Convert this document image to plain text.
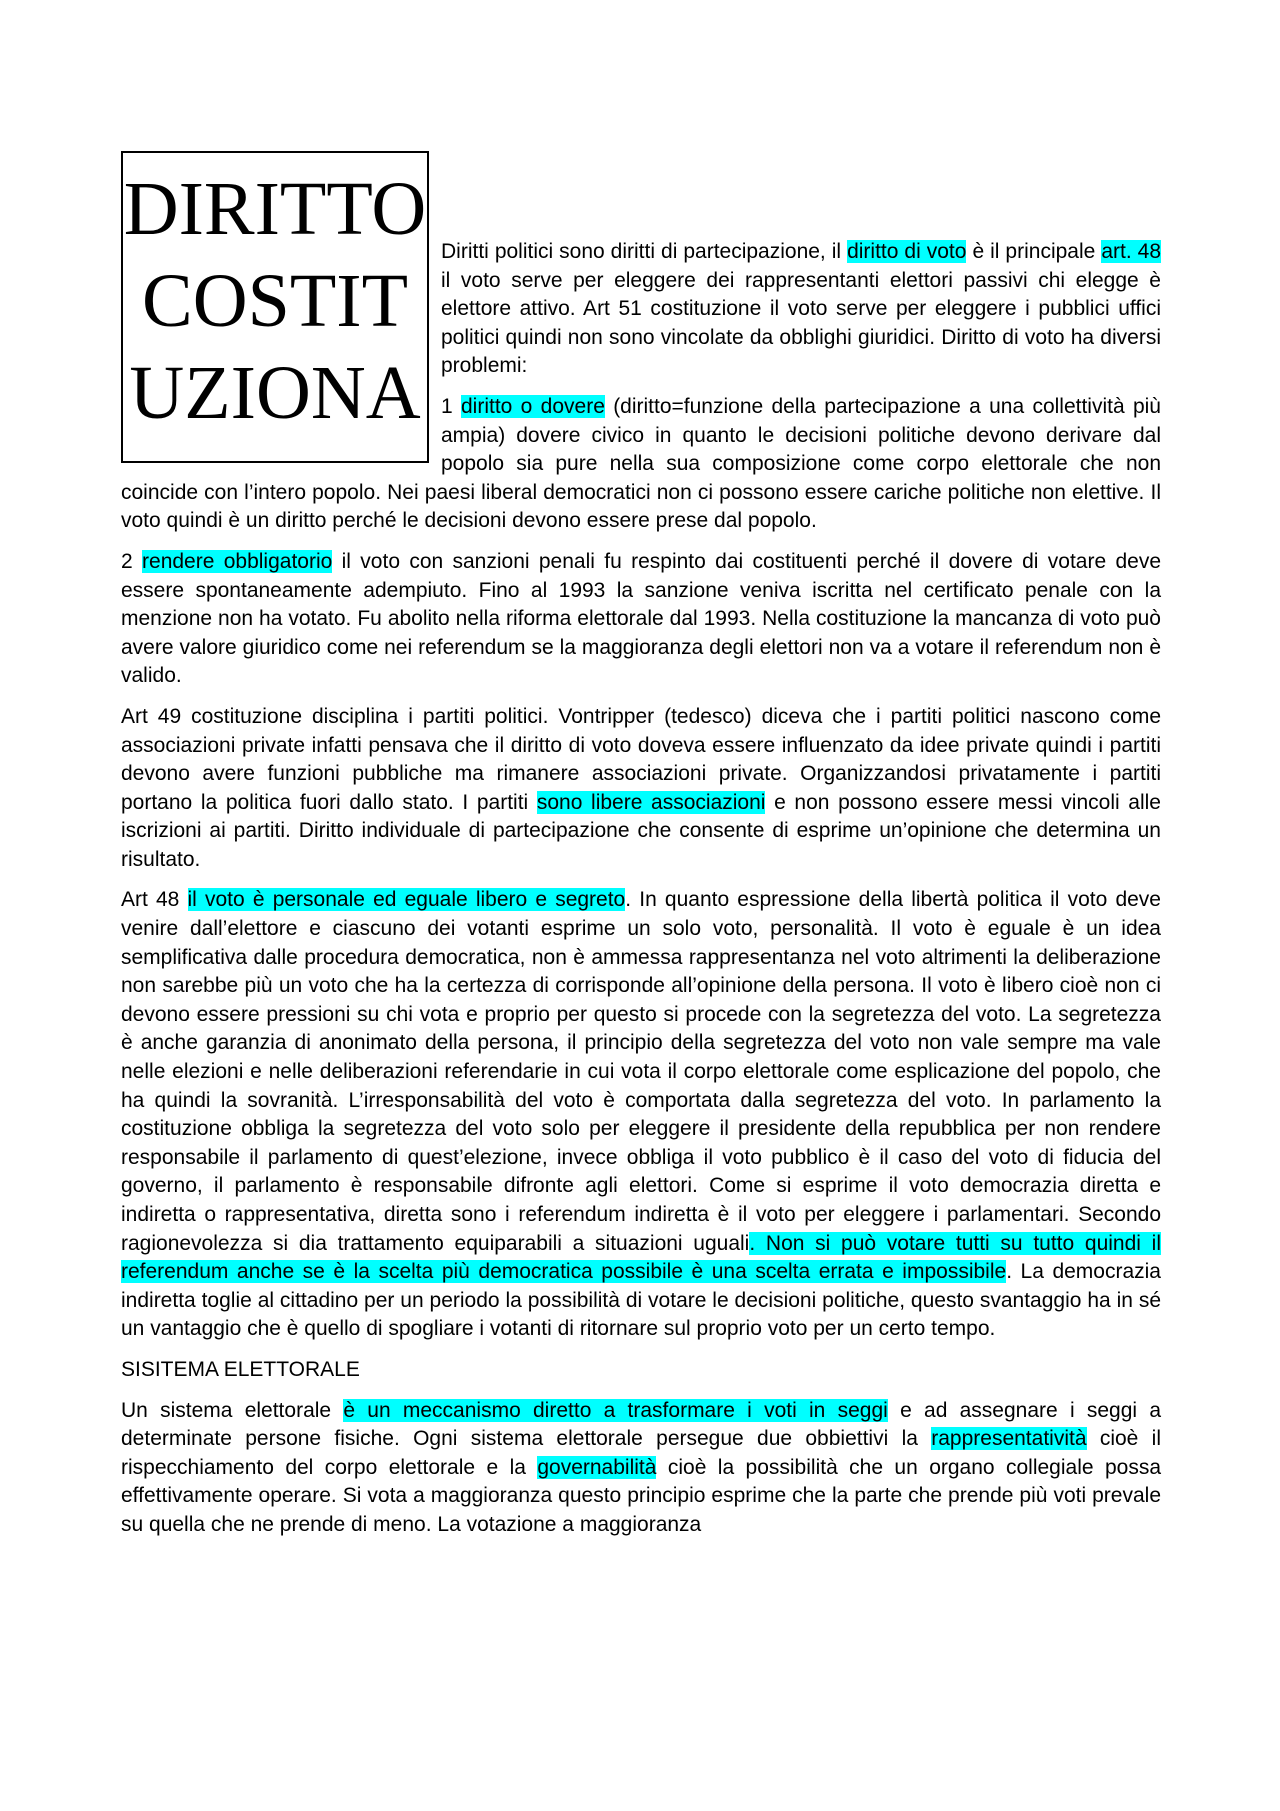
DIRITTO COSTITUZIONA

Diritti politici sono diritti di partecipazione, il diritto di voto è il principale art. 48 il voto serve per eleggere dei rappresentanti elettori passivi chi elegge è elettore attivo. Art 51 costituzione il voto serve per eleggere i pubblici uffici politici quindi non sono vincolate da obblighi giuridici. Diritto di voto ha diversi problemi:

1 diritto o dovere (diritto=funzione della partecipazione a una collettività più ampia) dovere civico in quanto le decisioni politiche devono derivare dal popolo sia pure nella sua composizione come corpo elettorale che non coincide con l’intero popolo. Nei paesi liberal democratici non ci possono essere cariche politiche non elettive. Il voto quindi è un diritto perché le decisioni devono essere prese dal popolo.

2 rendere obbligatorio il voto con sanzioni penali fu respinto dai costituenti perché il dovere di votare deve essere spontaneamente adempiuto. Fino al 1993 la sanzione veniva iscritta nel certificato penale con la menzione non ha votato. Fu abolito nella riforma elettorale dal 1993. Nella costituzione la mancanza di voto può avere valore giuridico come nei referendum se la maggioranza degli elettori non va a votare il referendum non è valido.

Art 49 costituzione disciplina i partiti politici. Vontripper (tedesco) diceva che i partiti politici nascono come associazioni private infatti pensava che il diritto di voto doveva essere influenzato da idee private quindi i partiti devono avere funzioni pubbliche ma rimanere associazioni private. Organizzandosi privatamente i partiti portano la politica fuori dallo stato. I partiti sono libere associazioni e non possono essere messi vincoli alle iscrizioni ai partiti. Diritto individuale di partecipazione che consente di esprime un’opinione che determina un risultato.

Art 48 il voto è personale ed eguale libero e segreto. In quanto espressione della libertà politica il voto deve venire dall’elettore e ciascuno dei votanti esprime un solo voto, personalità. Il voto è eguale è un idea semplificativa dalle procedura democratica, non è ammessa rappresentanza nel voto altrimenti la deliberazione non sarebbe più un voto che ha la certezza di corrisponde all’opinione della persona. Il voto è libero cioè non ci devono essere pressioni su chi vota e proprio per questo si procede con la segretezza del voto. La segretezza è anche garanzia di anonimato della persona, il principio della segretezza del voto non vale sempre ma vale nelle elezioni e nelle deliberazioni referendarie in cui vota il corpo elettorale come esplicazione del popolo, che ha quindi la sovranità. L’irresponsabilità del voto è comportata dalla segretezza del voto. In parlamento la costituzione obbliga la segretezza del voto solo per eleggere il presidente della repubblica per non rendere responsabile il parlamento di quest’elezione, invece obbliga il voto pubblico è il caso del voto di fiducia del governo, il parlamento è responsabile difronte agli elettori. Come si esprime il voto democrazia diretta e indiretta o rappresentativa, diretta sono i referendum indiretta è il voto per eleggere i parlamentari. Secondo ragionevolezza si dia trattamento equiparabili a situazioni uguali. Non si può votare tutti su tutto quindi il referendum anche se è la scelta più democratica possibile è una scelta errata e impossibile. La democrazia indiretta toglie al cittadino per un periodo la possibilità di votare le decisioni politiche, questo svantaggio ha in sé un vantaggio che è quello di spogliare i votanti di ritornare sul proprio voto per un certo tempo.

SISITEMA ELETTORALE

Un sistema elettorale è un meccanismo diretto a trasformare i voti in seggi e ad assegnare i seggi a determinate persone fisiche. Ogni sistema elettorale persegue due obbiettivi la rappresentatività cioè il rispecchiamento del corpo elettorale e la governabilità cioè la possibilità che un organo collegiale possa effettivamente operare. Si vota a maggioranza questo principio esprime che la parte che prende più voti prevale su quella che ne prende di meno. La votazione a maggioranza
